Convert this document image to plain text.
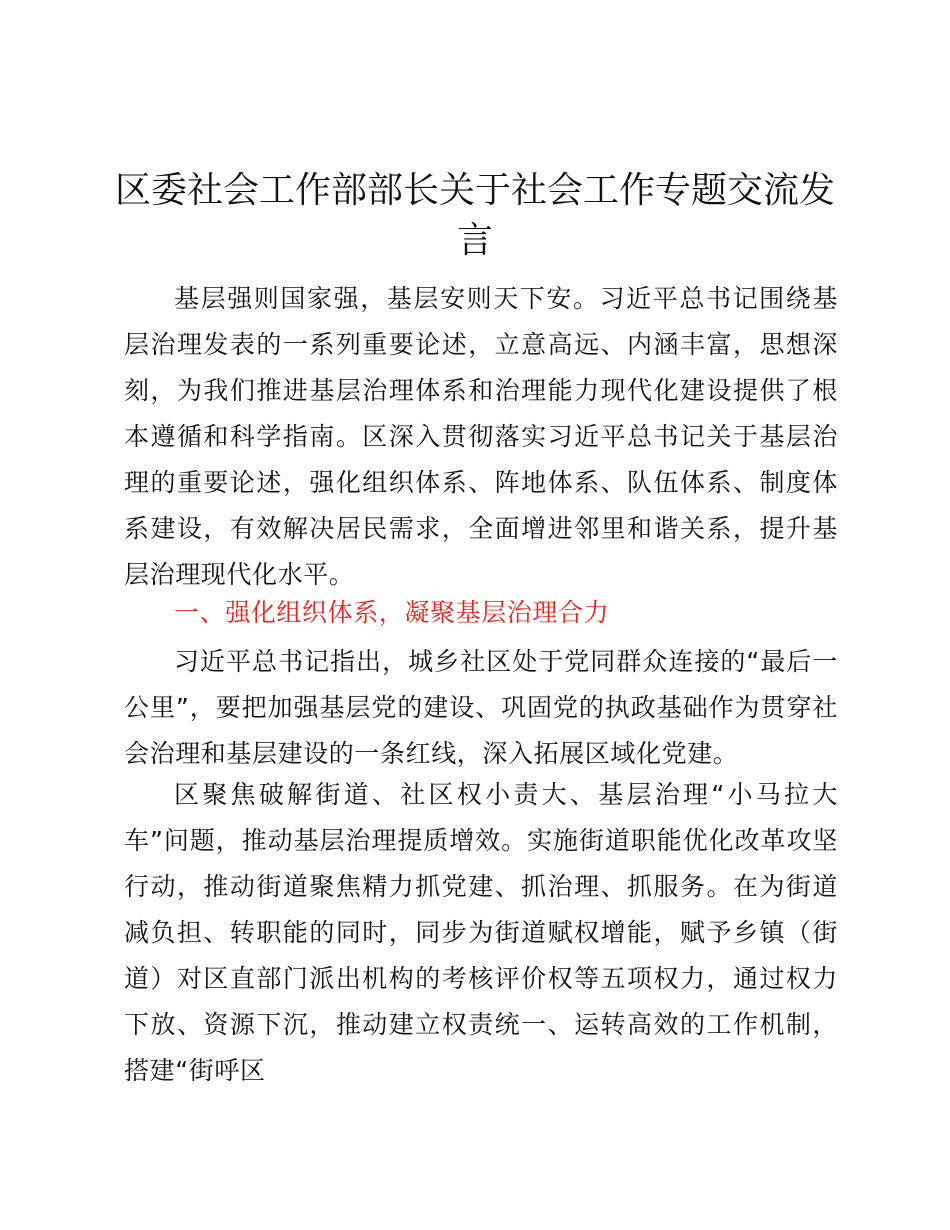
区委社会工作部部长关于社会工作专题交流发言

基层强则国家强，基层安则天下安。习近平总书记围绕基层治理发表的一系列重要论述，立意高远、内涵丰富，思想深刻，为我们推进基层治理体系和治理能力现代化建设提供了根本遵循和科学指南。区深入贯彻落实习近平总书记关于基层治理的重要论述，强化组织体系、阵地体系、队伍体系、制度体系建设，有效解决居民需求，全面增进邻里和谐关系，提升基层治理现代化水平。

一、强化组织体系，凝聚基层治理合力

习近平总书记指出，城乡社区处于党同群众连接的“最后一公里”，要把加强基层党的建设、巩固党的执政基础作为贯穿社会治理和基层建设的一条红线，深入拓展区域化党建。

区聚焦破解街道、社区权小责大、基层治理“小马拉大车”问题，推动基层治理提质增效。实施街道职能优化改革攻坚行动，推动街道聚焦精力抓党建、抓治理、抓服务。在为街道减负担、转职能的同时，同步为街道赋权增能，赋予乡镇（街道）对区直部门派出机构的考核评价权等五项权力，通过权力下放、资源下沉，推动建立权责统一、运转高效的工作机制，搭建“街呼区
